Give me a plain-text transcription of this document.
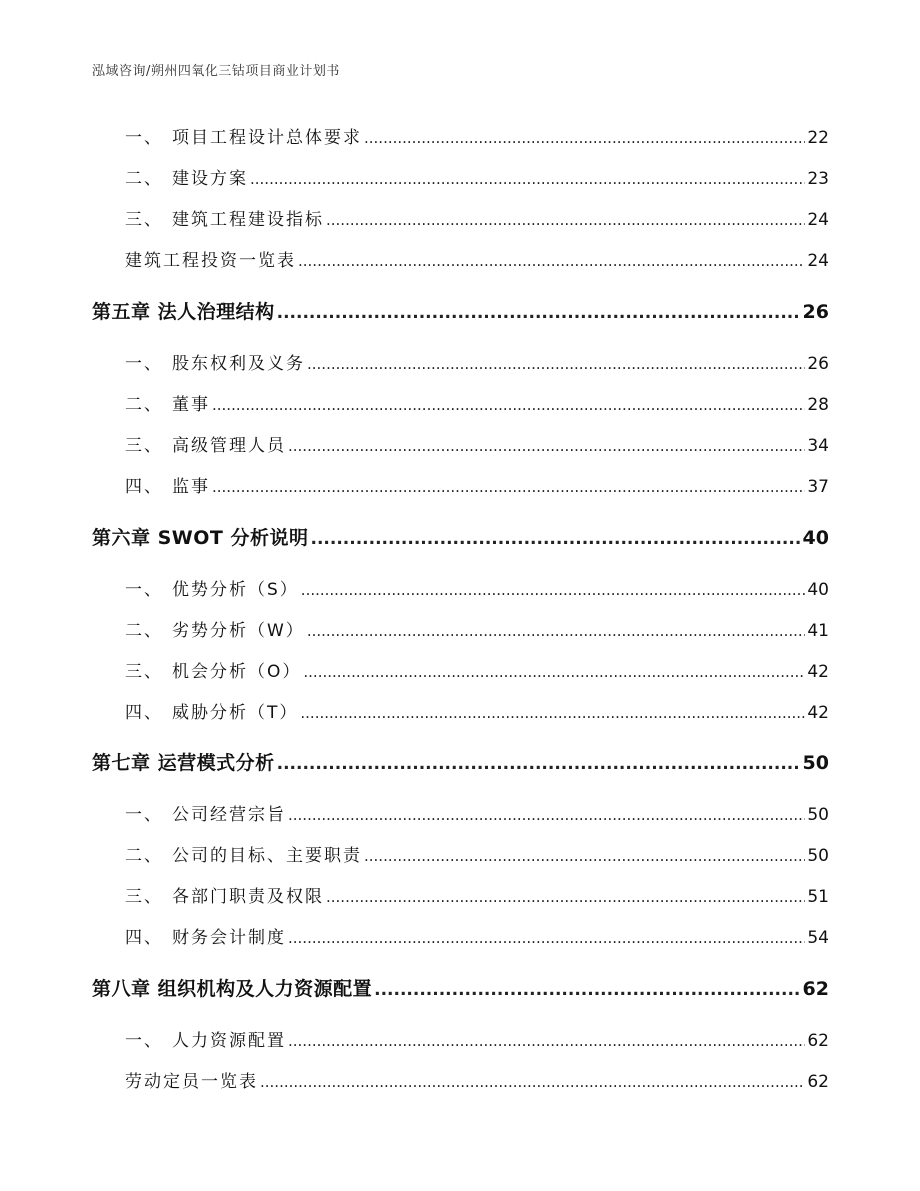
泓域咨询/朔州四氧化三钴项目商业计划书
一、 项目工程设计总体要求 .....	22
二、 建设方案 .....	23
三、 建筑工程建设指标 .....	24
建筑工程投资一览表 .....	24
第五章 法人治理结构 .....	26
一、 股东权利及义务 .....	26
二、 董事 .....	28
三、 高级管理人员 .....	34
四、 监事 .....	37
第六章 SWOT 分析说明 .....	40
一、 优势分析（S） .....	40
二、 劣势分析（W） .....	41
三、 机会分析（O） .....	42
四、 威胁分析（T） .....	42
第七章 运营模式分析 .....	50
一、 公司经营宗旨 .....	50
二、 公司的目标、主要职责 .....	50
三、 各部门职责及权限 .....	51
四、 财务会计制度 .....	54
第八章 组织机构及人力资源配置 .....	62
一、 人力资源配置 .....	62
劳动定员一览表 .....	62
